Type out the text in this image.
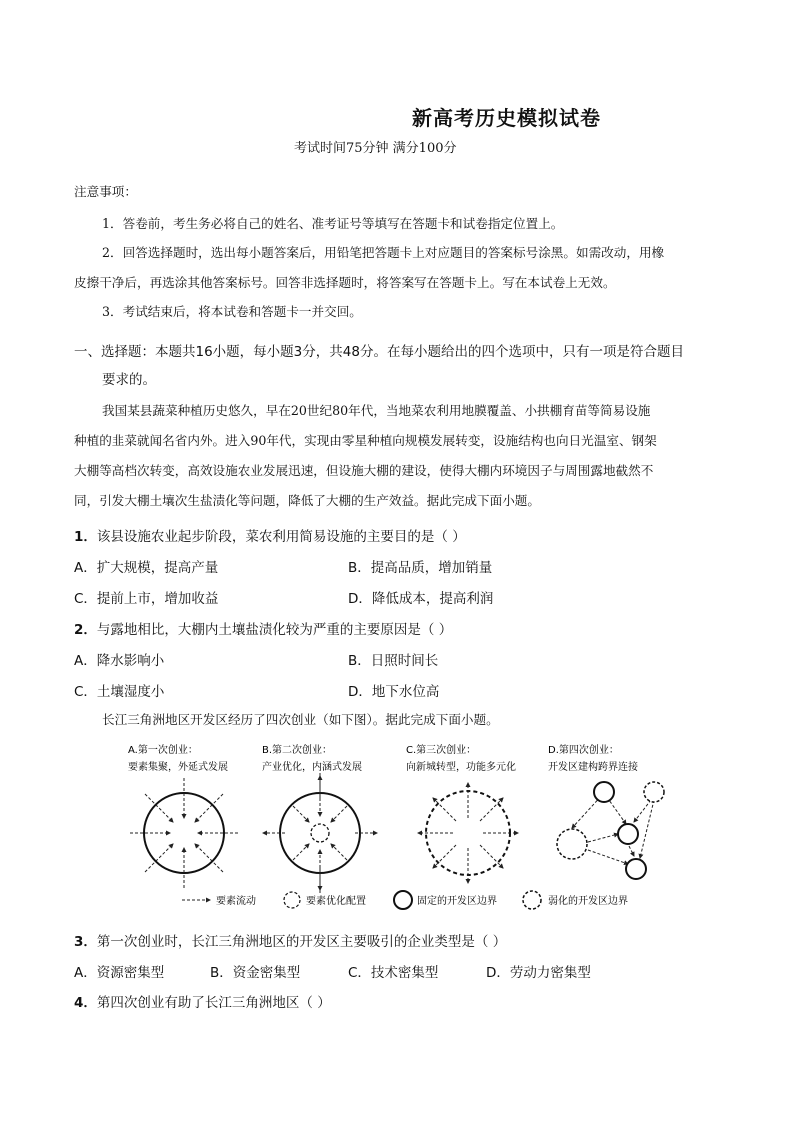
新高考历史模拟试卷
考试时间75分钟 满分100分
注意事项：
1．答卷前，考生务必将自己的姓名、准考证号等填写在答题卡和试卷指定位置上。
2．回答选择题时，选出每小题答案后，用铅笔把答题卡上对应题目的答案标号涂黑。如需改动，用橡
皮擦干净后，再选涂其他答案标号。回答非选择题时，将答案写在答题卡上。写在本试卷上无效。
3．考试结束后，将本试卷和答题卡一并交回。
一、选择题：本题共16小题，每小题3分，共48分。在每小题给出的四个选项中，只有一项是符合题目
要求的。
我国某县蔬菜种植历史悠久，早在20世纪80年代，当地菜农利用地膜覆盖、小拱棚育苗等简易设施
种植的韭菜就闻名省内外。进入90年代，实现由零星种植向规模发展转变，设施结构也向日光温室、钢架
大棚等高档次转变，高效设施农业发展迅速，但设施大棚的建设，使得大棚内环境因子与周围露地截然不
同，引发大棚土壤次生盐渍化等问题，降低了大棚的生产效益。据此完成下面小题。
1．该县设施农业起步阶段，菜农利用简易设施的主要目的是（ ）
A．扩大规模，提高产量	B．提高品质，增加销量
C．提前上市，增加收益	D．降低成本，提高利润
2．与露地相比，大棚内土壤盐渍化较为严重的主要原因是（ ）
A．降水影响小	B．日照时间长
C．土壤湿度小	D．地下水位高
长江三角洲地区开发区经历了四次创业（如下图）。据此完成下面小题。
A.第一次创业：
要素集聚，外延式发展
B.第二次创业：
产业优化，内涵式发展
C.第三次创业：
向新城转型，功能多元化
D.第四次创业：
开发区建构跨界连接
要素流动	要素优化配置	固定的开发区边界	弱化的开发区边界
3．第一次创业时，长江三角洲地区的开发区主要吸引的企业类型是（ ）
A．资源密集型	B．资金密集型	C．技术密集型	D．劳动力密集型
4．第四次创业有助了长江三角洲地区（ ）
